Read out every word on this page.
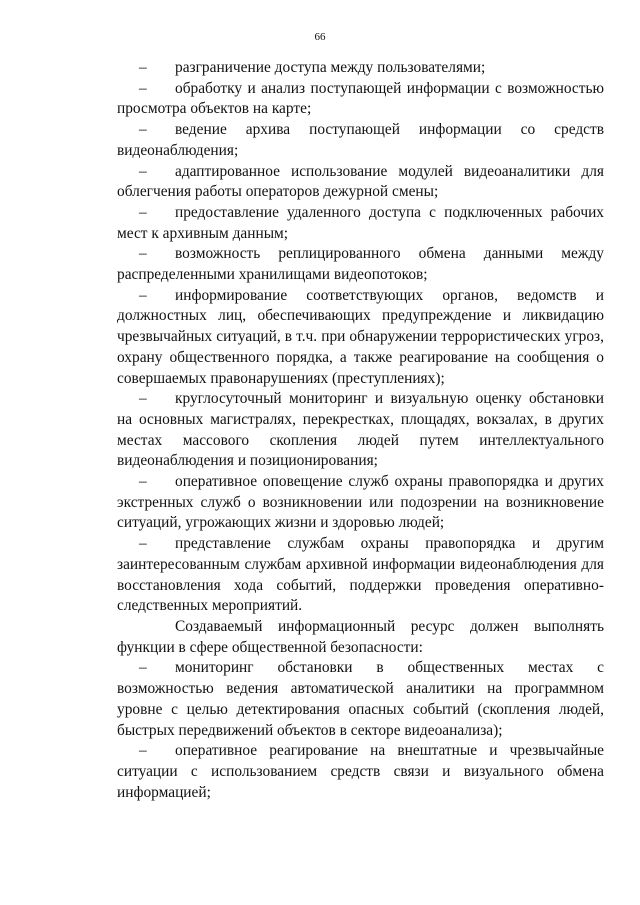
66

– разграничение доступа между пользователями;

– обработку и анализ поступающей информации с возможностью просмотра объектов на карте;

– ведение архива поступающей информации со средств видеонаблюдения;

– адаптированное использование модулей видеоаналитики для облегчения работы операторов дежурной смены;

– предоставление удаленного доступа с подключенных рабочих мест к архивным данным;

– возможность реплицированного обмена данными между распределенными хранилищами видеопотоков;

– информирование соответствующих органов, ведомств и должностных лиц, обеспечивающих предупреждение и ликвидацию чрезвычайных ситуаций, в т.ч. при обнаружении террористических угроз, охрану общественного порядка, а также реагирование на сообщения о совершаемых правонарушениях (преступлениях);

– круглосуточный мониторинг и визуальную оценку обстановки на основных магистралях, перекрестках, площадях, вокзалах, в других местах массового скопления людей путем интеллектуального видеонаблюдения и позиционирования;

– оперативное оповещение служб охраны правопорядка и других экстренных служб о возникновении или подозрении на возникновение ситуаций, угрожающих жизни и здоровью людей;

– представление службам охраны правопорядка и другим заинтересованным службам архивной информации видеонаблюдения для восстановления хода событий, поддержки проведения оперативно-следственных мероприятий.

Создаваемый информационный ресурс должен выполнять функции в сфере общественной безопасности:

– мониторинг обстановки в общественных местах с возможностью ведения автоматической аналитики на программном уровне с целью детектирования опасных событий (скопления людей, быстрых передвижений объектов в секторе видеоанализа);

– оперативное реагирование на внештатные и чрезвычайные ситуации с использованием средств связи и визуального обмена информацией;
